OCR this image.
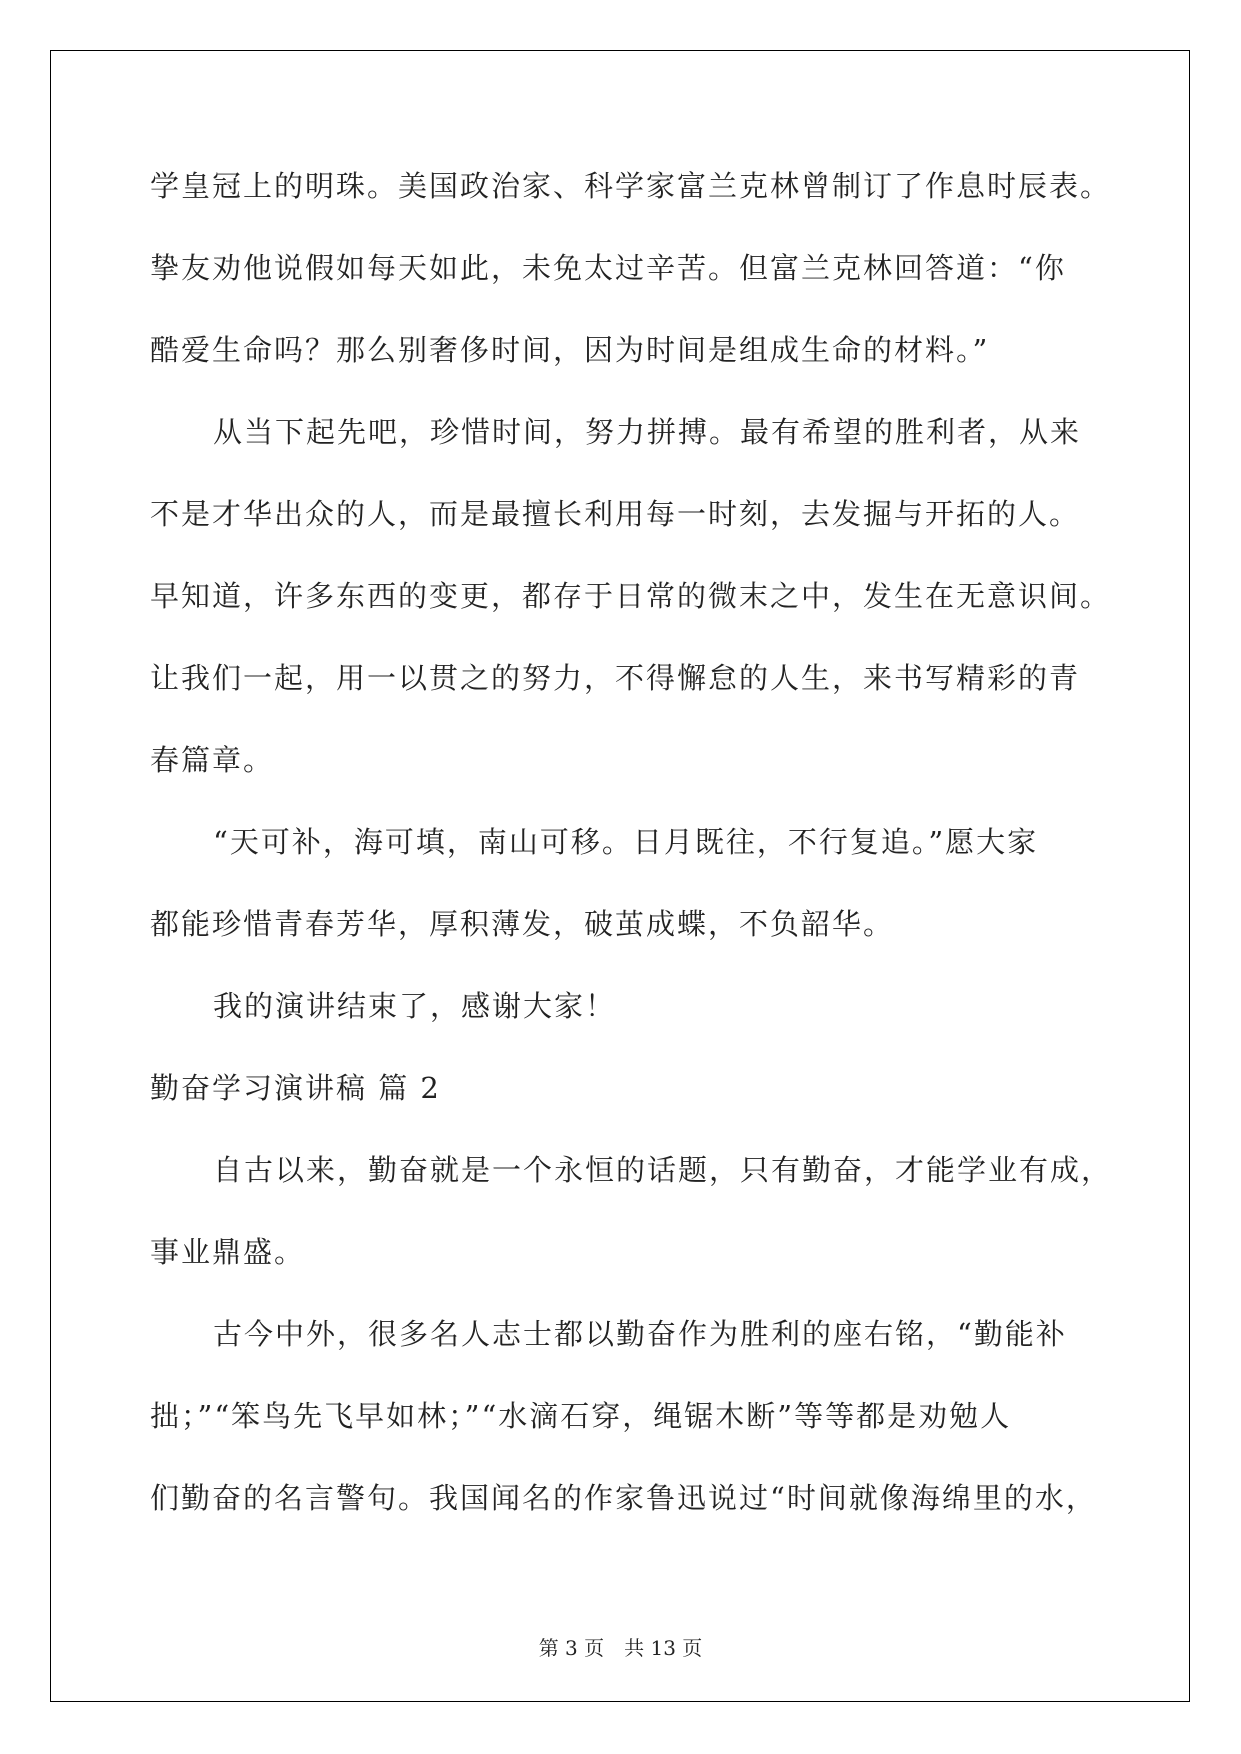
学皇冠上的明珠。美国政治家、科学家富兰克林曾制订了作息时辰表。
挚友劝他说假如每天如此，未免太过辛苦。但富兰克林回答道：“你
酷爱生命吗？那么别奢侈时间，因为时间是组成生命的材料。”
从当下起先吧，珍惜时间，努力拼搏。最有希望的胜利者，从来
不是才华出众的人，而是最擅长利用每一时刻，去发掘与开拓的人。
早知道，许多东西的变更，都存于日常的微末之中，发生在无意识间。
让我们一起，用一以贯之的努力，不得懈怠的人生，来书写精彩的青
春篇章。
“天可补，海可填，南山可移。日月既往，不行复追。”愿大家
都能珍惜青春芳华，厚积薄发，破茧成蝶，不负韶华。
我的演讲结束了，感谢大家！
勤奋学习演讲稿 篇 2
自古以来，勤奋就是一个永恒的话题，只有勤奋，才能学业有成，
事业鼎盛。
古今中外，很多名人志士都以勤奋作为胜利的座右铭，“勤能补
拙；”“笨鸟先飞早如林；”“水滴石穿，绳锯木断”等等都是劝勉人
们勤奋的名言警句。我国闻名的作家鲁迅说过“时间就像海绵里的水，
第 3 页　共 13 页
